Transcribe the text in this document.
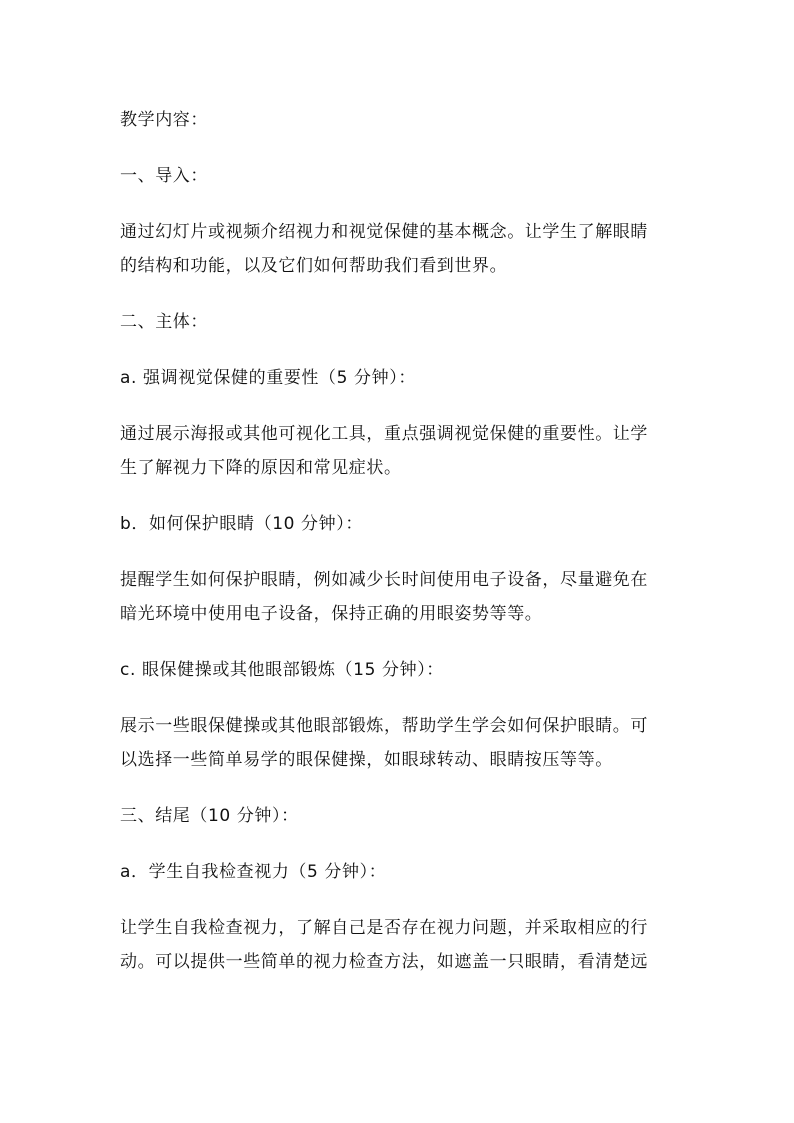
教学内容：
一、导入：
通过幻灯片或视频介绍视力和视觉保健的基本概念。让学生了解眼睛
的结构和功能，以及它们如何帮助我们看到世界。
二、主体：
a. 强调视觉保健的重要性（5 分钟）：
通过展示海报或其他可视化工具，重点强调视觉保健的重要性。让学
生了解视力下降的原因和常见症状。
b．如何保护眼睛（10 分钟）：
提醒学生如何保护眼睛，例如减少长时间使用电子设备，尽量避免在
暗光环境中使用电子设备，保持正确的用眼姿势等等。
c. 眼保健操或其他眼部锻炼（15 分钟）：
展示一些眼保健操或其他眼部锻炼，帮助学生学会如何保护眼睛。可
以选择一些简单易学的眼保健操，如眼球转动、眼睛按压等等。
三、结尾（10 分钟）：
a．学生自我检查视力（5 分钟）：
让学生自我检查视力，了解自己是否存在视力问题，并采取相应的行
动。可以提供一些简单的视力检查方法，如遮盖一只眼睛，看清楚远
